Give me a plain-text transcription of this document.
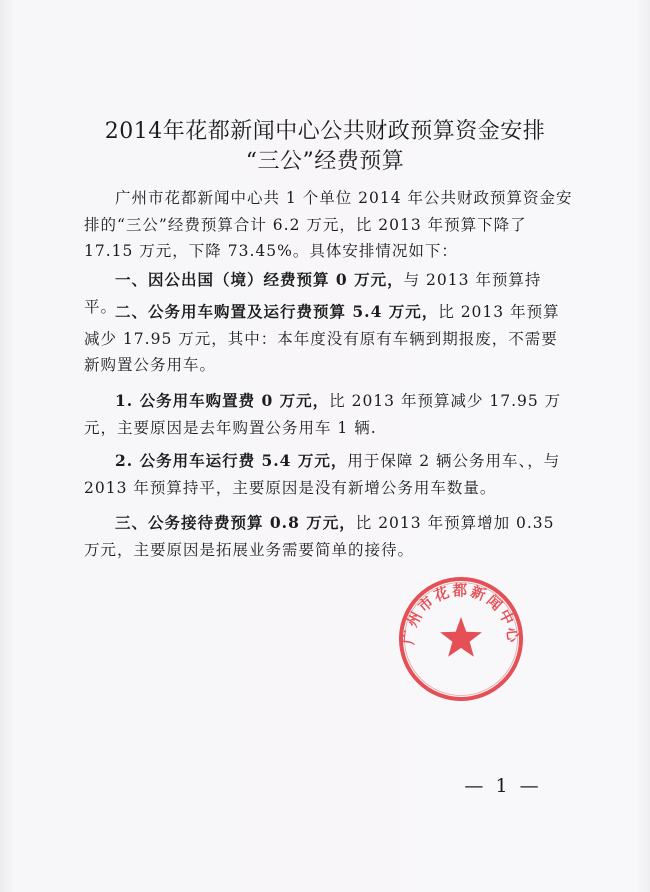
2014年花都新闻中心公共财政预算资金安排
“三公”经费预算

广州市花都新闻中心共 1 个单位 2014 年公共财政预算资金安排的“三公”经费预算合计 6.2 万元，比 2013 年预算下降了17.15 万元，下降 73.45%。具体安排情况如下：

一、因公出国（境）经费预算 0 万元，与 2013 年预算持平。

二、公务用车购置及运行费预算 5.4 万元，比 2013 年预算减少 17.95 万元，其中：本年度没有原有车辆到期报废，不需要新购置公务用车。

1. 公务用车购置费 0 万元，比 2013 年预算减少 17.95 万元，主要原因是去年购置公务用车 1 辆.

2. 公务用车运行费 5.4 万元，用于保障 2 辆公务用车、，与 2013 年预算持平，主要原因是没有新增公务用车数量。

三、公务接待费预算 0.8 万元，比 2013 年预算增加 0.35 万元，主要原因是拓展业务需要简单的接待。

广州市花都新闻中心
— 1 —
